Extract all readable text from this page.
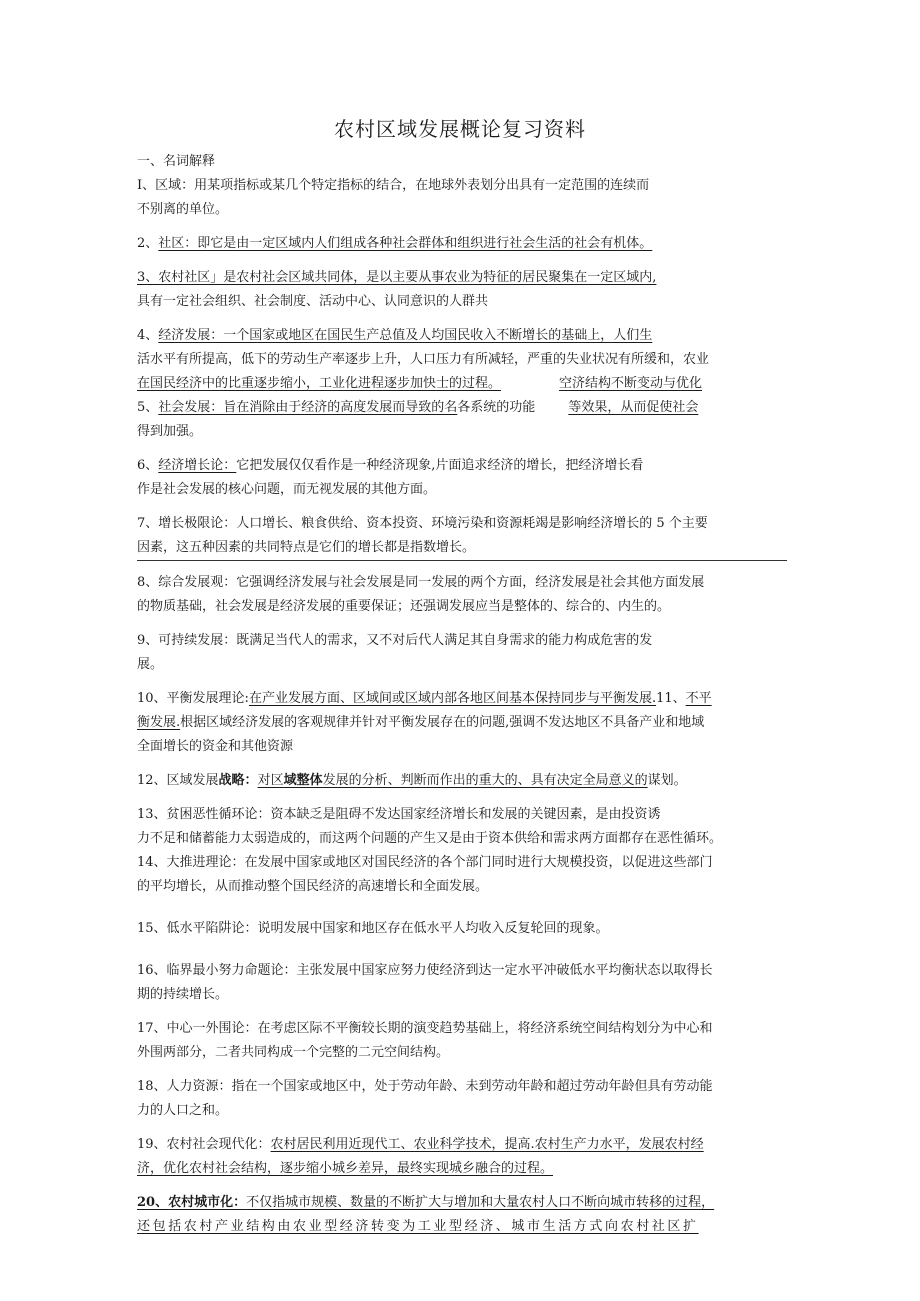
农村区域发展概论复习资料
一、名词解释
I、区域：用某项指标或某几个特定指标的结合，在地球外表划分出具有一定范围的连续而
不别离的单位。
2、社区：即它是由一定区域内人们组成各种社会群体和组织进行社会生活的社会有机体。
3、农村社区」是农村社会区域共同体，是以主要从事农业为特征的居民聚集在一定区域内,
具有一定社会组织、社会制度、活动中心、认同意识的人群共
4、经济发展：一个国家或地区在国民生产总值及人均国民收入不断增长的基础上，人们生
活水平有所提高，低下的劳动生产率逐步上升，人口压力有所减轻，严重的失业状况有所缓和，农业
在国民经济中的比重逐步缩小，工业化进程逐步加快士的过程。	空济结构不断变动与优化
5、社会发展：旨在消除由于经济的高度发展而导致的名各系统的功能	等效果，从而促使社会
得到加强。
6、经济增长论：它把发展仅仅看作是一种经济现象,片面追求经济的增长，把经济增长看
作是社会发展的核心问题，而无视发展的其他方面。
7、增长极限论：人口增长、粮食供给、资本投资、环境污染和资源耗竭是影响经济增长的 5 个主要
因素，这五种因素的共同特点是它们的增长都是指数增长。
8、综合发展观：它强调经济发展与社会发展是同一发展的两个方面，经济发展是社会其他方面发展
的物质基础，社会发展是经济发展的重要保证；还强调发展应当是整体的、综合的、内生的。
9、可持续发展：既满足当代人的需求，又不对后代人满足其自身需求的能力构成危害的发
展。
10、平衡发展理论:在产业发展方面、区域间或区域内部各地区间基本保持同步与平衡发展.11、不平
衡发展.根据区域经济发展的客观规律并针对平衡发展存在的问题,强调不发达地区不具备产业和地域
全面增长的资金和其他资源
12、区域发展战略：对区域整体发展的分析、判断而作出的重大的、具有决定全局意义的谋划。
13、贫困恶性循环论：资本缺乏是阻碍不发达国家经济增长和发展的关键因素，是由投资诱
力不足和储蓄能力太弱造成的，而这两个问题的产生又是由于资本供给和需求两方面都存在恶性循环。
14、大推进理论：在发展中国家或地区对国民经济的各个部门同时进行大规模投资，以促进这些部门
的平均增长，从而推动整个国民经济的高速增长和全面发展。
15、低水平陷阱论：说明发展中国家和地区存在低水平人均收入反复轮回的现象。
16、临界最小努力命题论：主张发展中国家应努力使经济到达一定水平冲破低水平均衡状态以取得长
期的持续增长。
17、中心一外围论：在考虑区际不平衡较长期的演变趋势基础上，将经济系统空间结构划分为中心和
外围两部分，二者共同构成一个完整的二元空间结构。
18、人力资源：指在一个国家或地区中，处于劳动年龄、未到劳动年龄和超过劳动年龄但具有劳动能
力的人口之和。
19、农村社会现代化：农村居民利用近现代工、农业科学技术，提高.农村生产力水平，发展农村经
济，优化农村社会结构，逐步缩小城乡差异，最终实现城乡融合的过程。
20、农村城市化：不仅指城市规模、数量的不断扩大与增加和大量农村人口不断向城市转移的过程，
还包括农村产业结构由农业型经济转变为工业型经济、城市生活方式向农村社区扩
